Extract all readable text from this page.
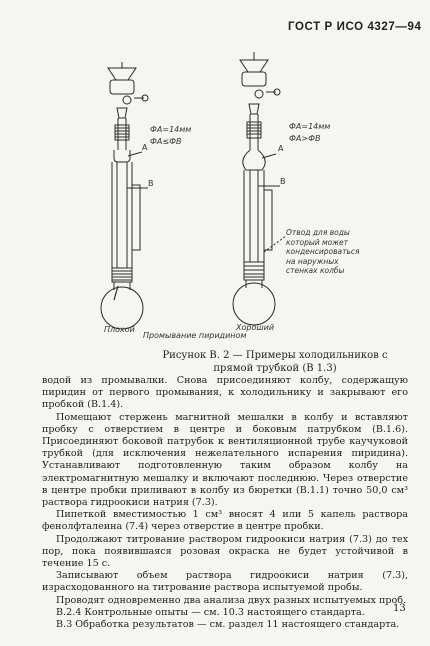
ГОСТ Р ИСО 4327—94
ФА=14мм
ФА≤ФВ
А
В
Плохой
Промывание пиридином
ФА=14мм
ФА>ФВ
А
В
Хороший
Отвод для воды который может конденсироваться на наружных стенках колбы
Рисунок В. 2 — Примеры холодильников с прямой трубкой (В 1.3)

водой из промывалки. Снова присоединяют колбу, содержащую пиридин от первого промывания, к холодильнику и закрывают его пробкой (В.1.4).

Помещают стержень магнитной мешалки в колбу и вставляют пробку с отверстием в центре и боковым патрубком (В.1.6). Присоединяют боковой патрубок к вентиляционной трубе каучуковой трубкой (для исключения нежелательного испарения пиридина). Устанавливают подготовленную таким образом колбу на электромагнитную мешалку и включают последнюю. Через отверстие в центре пробки приливают в колбу из бюретки (В.1.1) точно 50,0 см³ раствора гидроокиси натрия (7.3).

Пипеткой вместимостью 1 см³ вносят 4 или 5 капель раствора фенолфталеина (7.4) через отверстие в центре пробки.

Продолжают титрование раствором гидроокиси натрия (7.3) до тех пор, пока появившаяся розовая окраска не будет устойчивой в течение 15 с.

Записывают объем раствора гидроокиси натрия (7.3), израсходованного на титрование раствора испытуемой пробы.

Проводят одновременно два анализа двух разных испытуемых проб.

В.2.4 Контрольные опыты — см. 10.3 настоящего стандарта.

В.3 Обработка результатов — см. раздел 11 настоящего стандарта.

13
